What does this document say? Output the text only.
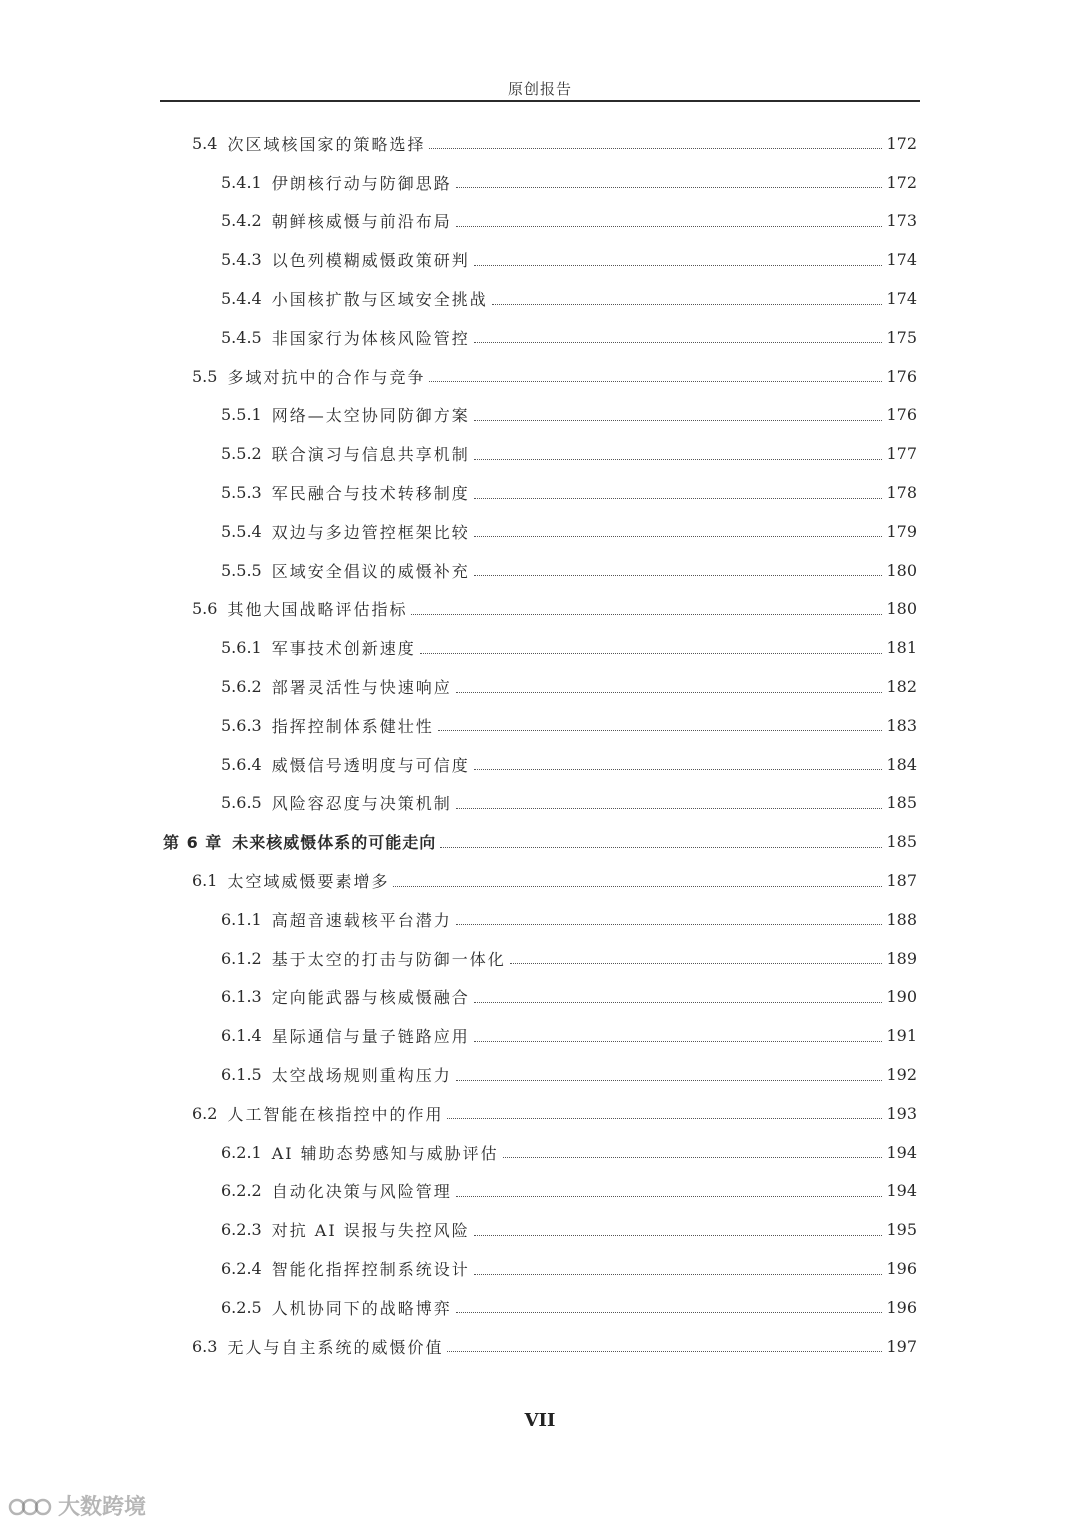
原创报告
5.4 次区域核国家的策略选择	172
5.4.1 伊朗核行动与防御思路	172
5.4.2 朝鲜核威慑与前沿布局	173
5.4.3 以色列模糊威慑政策研判	174
5.4.4 小国核扩散与区域安全挑战	174
5.4.5 非国家行为体核风险管控	175
5.5 多域对抗中的合作与竞争	176
5.5.1 网络—太空协同防御方案	176
5.5.2 联合演习与信息共享机制	177
5.5.3 军民融合与技术转移制度	178
5.5.4 双边与多边管控框架比较	179
5.5.5 区域安全倡议的威慑补充	180
5.6 其他大国战略评估指标	180
5.6.1 军事技术创新速度	181
5.6.2 部署灵活性与快速响应	182
5.6.3 指挥控制体系健壮性	183
5.6.4 威慑信号透明度与可信度	184
5.6.5 风险容忍度与决策机制	185
第 6 章 未来核威慑体系的可能走向	185
6.1 太空域威慑要素增多	187
6.1.1 高超音速载核平台潜力	188
6.1.2 基于太空的打击与防御一体化	189
6.1.3 定向能武器与核威慑融合	190
6.1.4 星际通信与量子链路应用	191
6.1.5 太空战场规则重构压力	192
6.2 人工智能在核指控中的作用	193
6.2.1 AI 辅助态势感知与威胁评估	194
6.2.2 自动化决策与风险管理	194
6.2.3 对抗 AI 误报与失控风险	195
6.2.4 智能化指挥控制系统设计	196
6.2.5 人机协同下的战略博弈	196
6.3 无人与自主系统的威慑价值	197
VII
大数跨境
